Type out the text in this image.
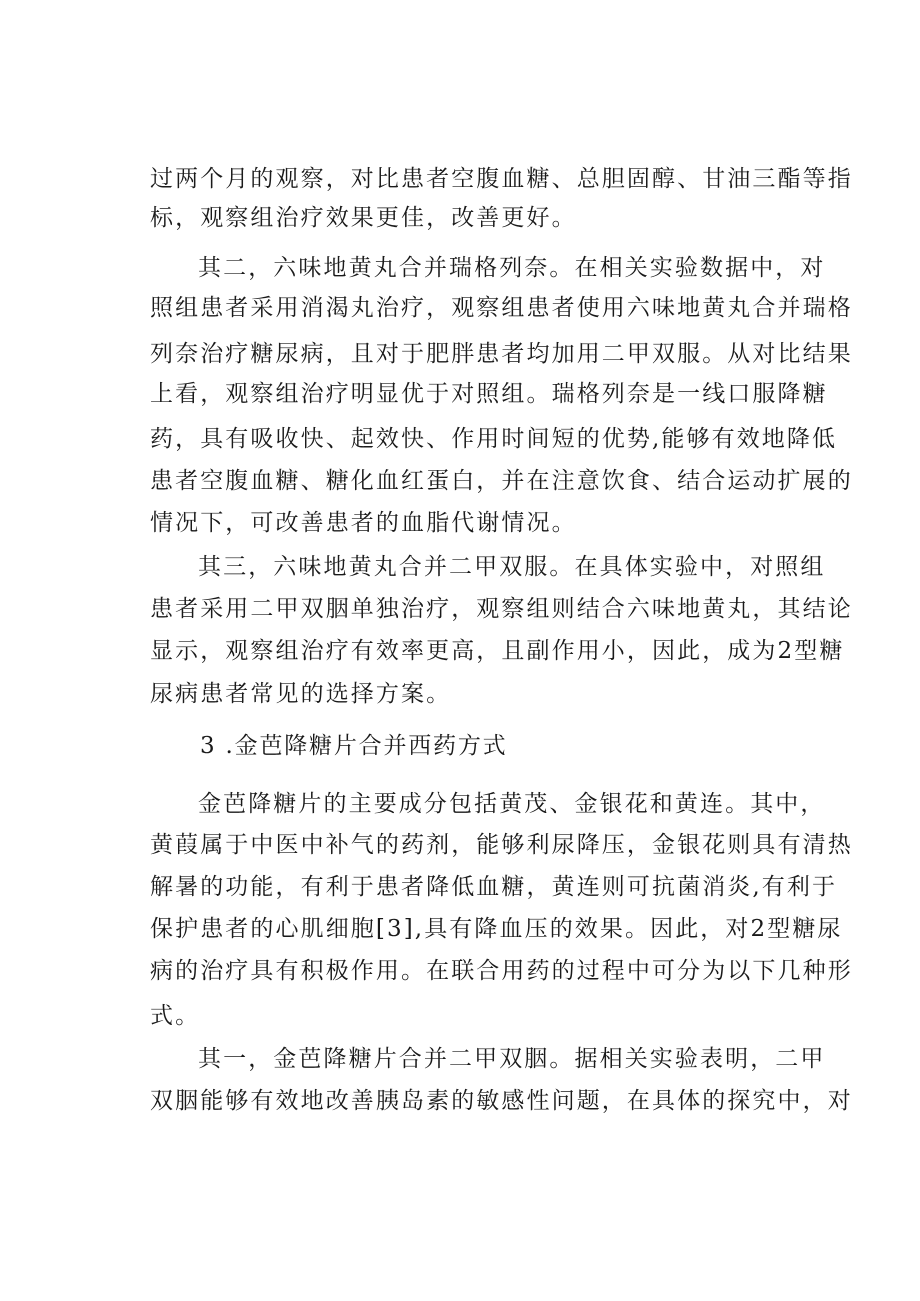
过两个月的观察，对比患者空腹血糖、总胆固醇、甘油三酯等指
标，观察组治疗效果更佳，改善更好。
其二，六味地黄丸合并瑞格列奈。在相关实验数据中，对
照组患者采用消渴丸治疗，观察组患者使用六味地黄丸合并瑞格
列奈治疗糖尿病，且对于肥胖患者均加用二甲双服。从对比结果
上看，观察组治疗明显优于对照组。瑞格列奈是一线口服降糖
药，具有吸收快、起效快、作用时间短的优势,能够有效地降低
患者空腹血糖、糖化血红蛋白，并在注意饮食、结合运动扩展的
情况下，可改善患者的血脂代谢情况。
其三，六味地黄丸合并二甲双服。在具体实验中，对照组
患者采用二甲双胭单独治疗，观察组则结合六味地黄丸，其结论
显示，观察组治疗有效率更高，且副作用小，因此，成为2型糖
尿病患者常见的选择方案。
3 .金芭降糖片合并西药方式
金芭降糖片的主要成分包括黄茂、金银花和黄连。其中，
黄葭属于中医中补气的药剂，能够利尿降压，金银花则具有清热
解暑的功能，有利于患者降低血糖，黄连则可抗菌消炎,有利于
保护患者的心肌细胞[3],具有降血压的效果。因此，对2型糖尿
病的治疗具有积极作用。在联合用药的过程中可分为以下几种形
式。
其一，金芭降糖片合并二甲双胭。据相关实验表明，二甲
双胭能够有效地改善胰岛素的敏感性问题，在具体的探究中，对
